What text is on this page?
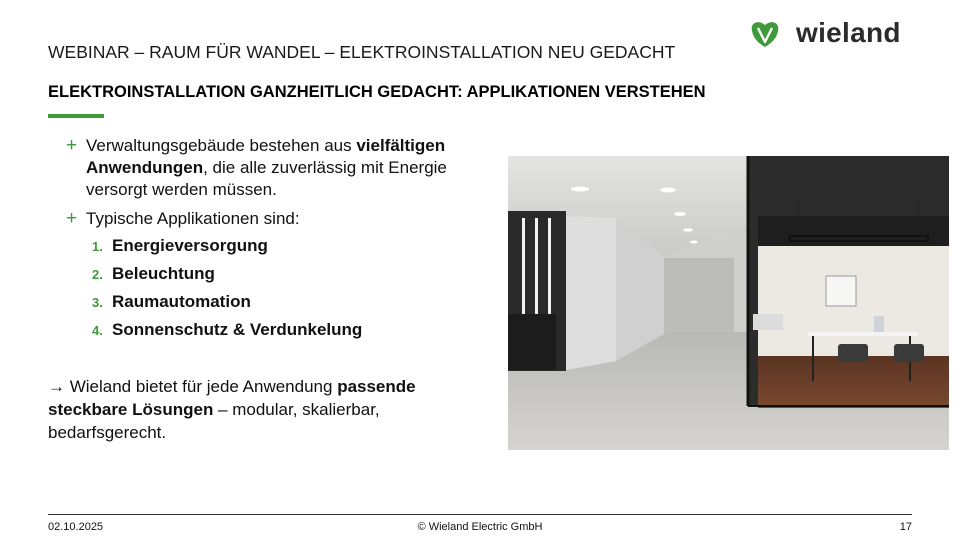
WEBINAR – RAUM FÜR WANDEL – ELEKTROINSTALLATION NEU GEDACHT
wieland
ELEKTROINSTALLATION GANZHEITLICH GEDACHT: APPLIKATIONEN VERSTEHEN
+ Verwaltungsgebäude bestehen aus vielfältigen Anwendungen, die alle zuverlässig mit Energie versorgt werden müssen.
+ Typische Applikationen sind:
1. Energieversorgung
2. Beleuchtung
3. Raumautomation
4. Sonnenschutz & Verdunkelung
→ Wieland bietet für jede Anwendung passende steckbare Lösungen – modular, skalierbar, bedarfsgerecht.
02.10.2025	© Wieland Electric GmbH	17
